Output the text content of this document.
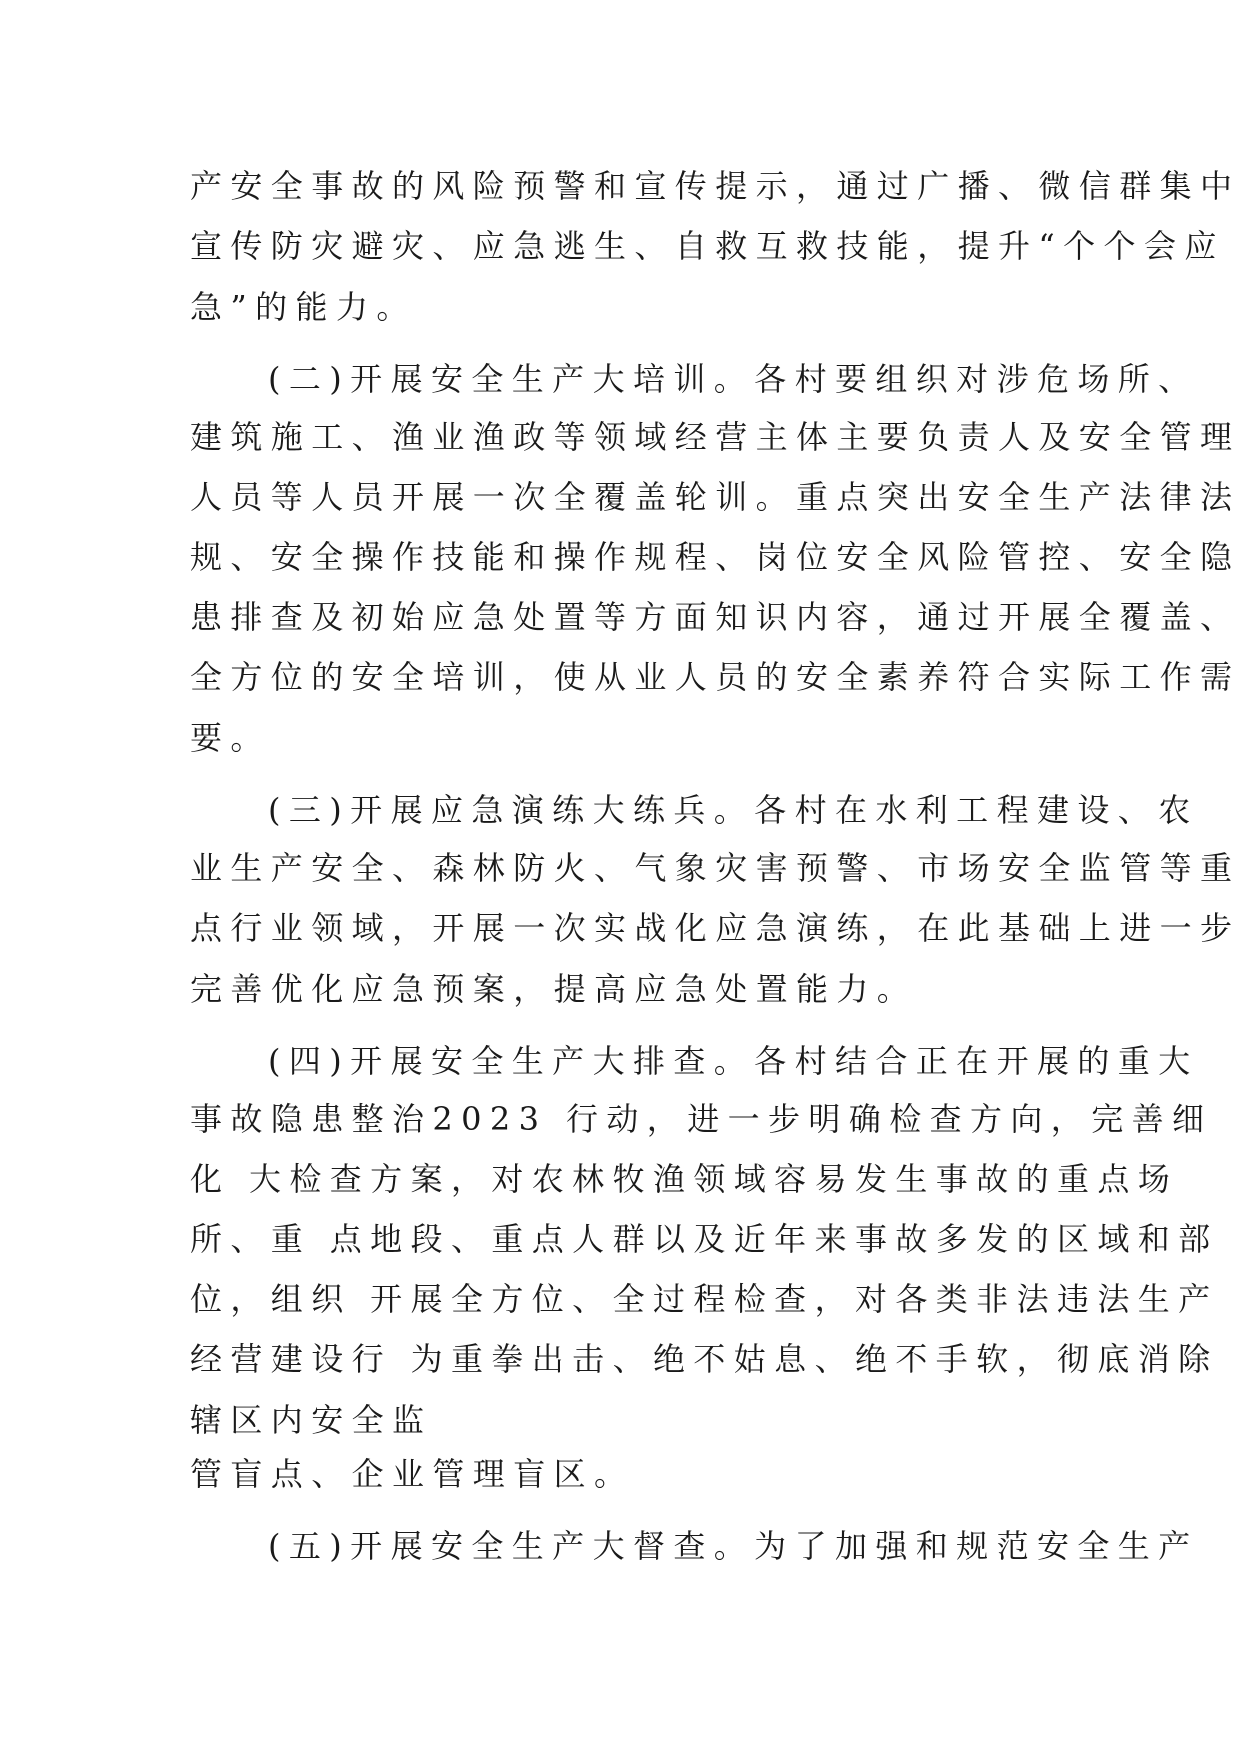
产安全事故的风险预警和宣传提示，通过广播、微信群集中
宣传防灾避灾、应急逃生、自救互救技能，提升“个个会应
急”的能力。
(二)开展安全生产大培训。各村要组织对涉危场所、
建筑施工、渔业渔政等领域经营主体主要负责人及安全管理
人员等人员开展一次全覆盖轮训。重点突出安全生产法律法
规、安全操作技能和操作规程、岗位安全风险管控、安全隐
患排查及初始应急处置等方面知识内容，通过开展全覆盖、
全方位的安全培训，使从业人员的安全素养符合实际工作需
要。
(三)开展应急演练大练兵。各村在水利工程建设、农
业生产安全、森林防火、气象灾害预警、市场安全监管等重
点行业领域，开展一次实战化应急演练，在此基础上进一步
完善优化应急预案，提高应急处置能力。
(四)开展安全生产大排查。各村结合正在开展的重大
事故隐患整治2023 行动，进一步明确检查方向，完善细
化 大检查方案，对农林牧渔领域容易发生事故的重点场
所、重 点地段、重点人群以及近年来事故多发的区域和部
位，组织 开展全方位、全过程检查，对各类非法违法生产
经营建设行 为重拳出击、绝不姑息、绝不手软，彻底消除
辖区内安全监
管盲点、企业管理盲区。
(五)开展安全生产大督查。为了加强和规范安全生产
